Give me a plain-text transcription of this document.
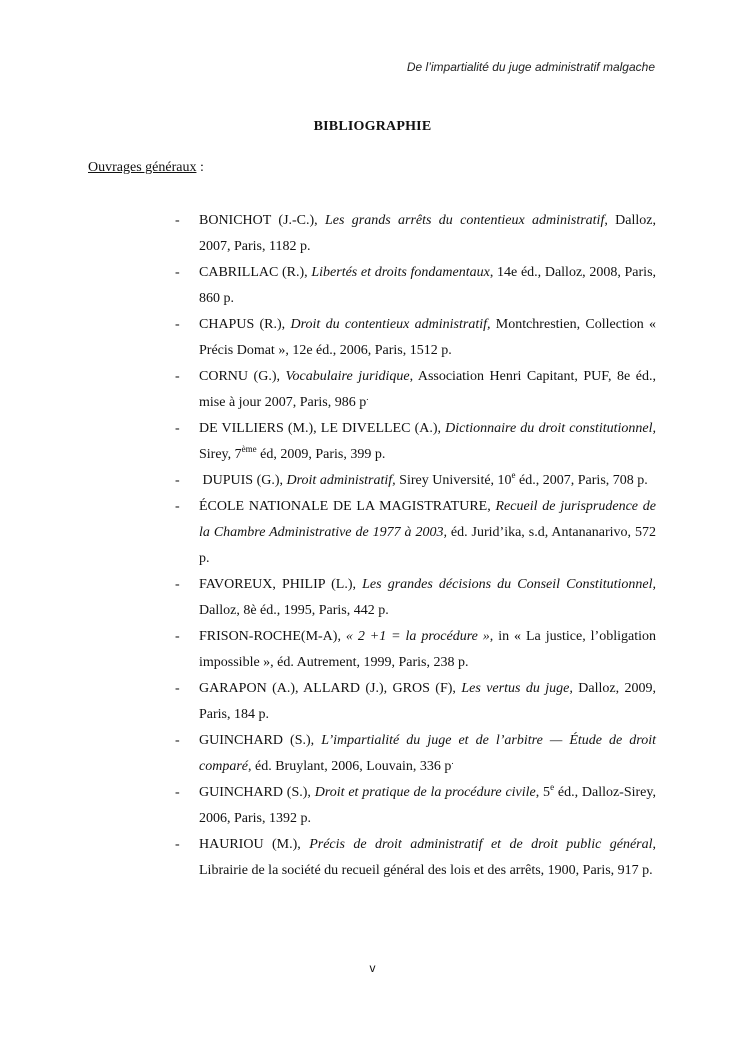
De l’impartialité du juge administratif malgache
BIBLIOGRAPHIE
Ouvrages généraux :
- BONICHOT (J.-C.), Les grands arrêts du contentieux administratif, Dalloz, 2007, Paris, 1182 p.
- CABRILLAC (R.), Libertés et droits fondamentaux, 14e éd., Dalloz, 2008, Paris, 860 p.
- CHAPUS (R.), Droit du contentieux administratif, Montchrestien, Collection « Précis Domat », 12e éd., 2006, Paris, 1512 p.
- CORNU (G.), Vocabulaire juridique, Association Henri Capitant, PUF, 8e éd., mise à jour 2007, Paris, 986 p.
- DE VILLIERS (M.), LE DIVELLEC (A.), Dictionnaire du droit constitutionnel, Sirey, 7ème éd, 2009, Paris, 399 p.
- DUPUIS (G.), Droit administratif, Sirey Université, 10e éd., 2007, Paris, 708 p.
- ÉCOLE NATIONALE DE LA MAGISTRATURE, Recueil de jurisprudence de la Chambre Administrative de 1977 à 2003, éd. Jurid’ika, s.d, Antananarivo, 572 p.
- FAVOREUX, PHILIP (L.), Les grandes décisions du Conseil Constitutionnel, Dalloz, 8è éd., 1995, Paris, 442 p.
- FRISON-ROCHE(M-A), « 2 +1 = la procédure », in « La justice, l’obligation impossible », éd. Autrement, 1999, Paris, 238 p.
- GARAPON (A.), ALLARD (J.), GROS (F), Les vertus du juge, Dalloz, 2009, Paris, 184 p.
- GUINCHARD (S.), L’impartialité du juge et de l’arbitre — Étude de droit comparé, éd. Bruylant, 2006, Louvain, 336 p.
- GUINCHARD (S.), Droit et pratique de la procédure civile, 5e éd., Dalloz-Sirey, 2006, Paris, 1392 p.
- HAURIOU (M.), Précis de droit administratif et de droit public général, Librairie de la société du recueil général des lois et des arrêts, 1900, Paris, 917 p.
v
